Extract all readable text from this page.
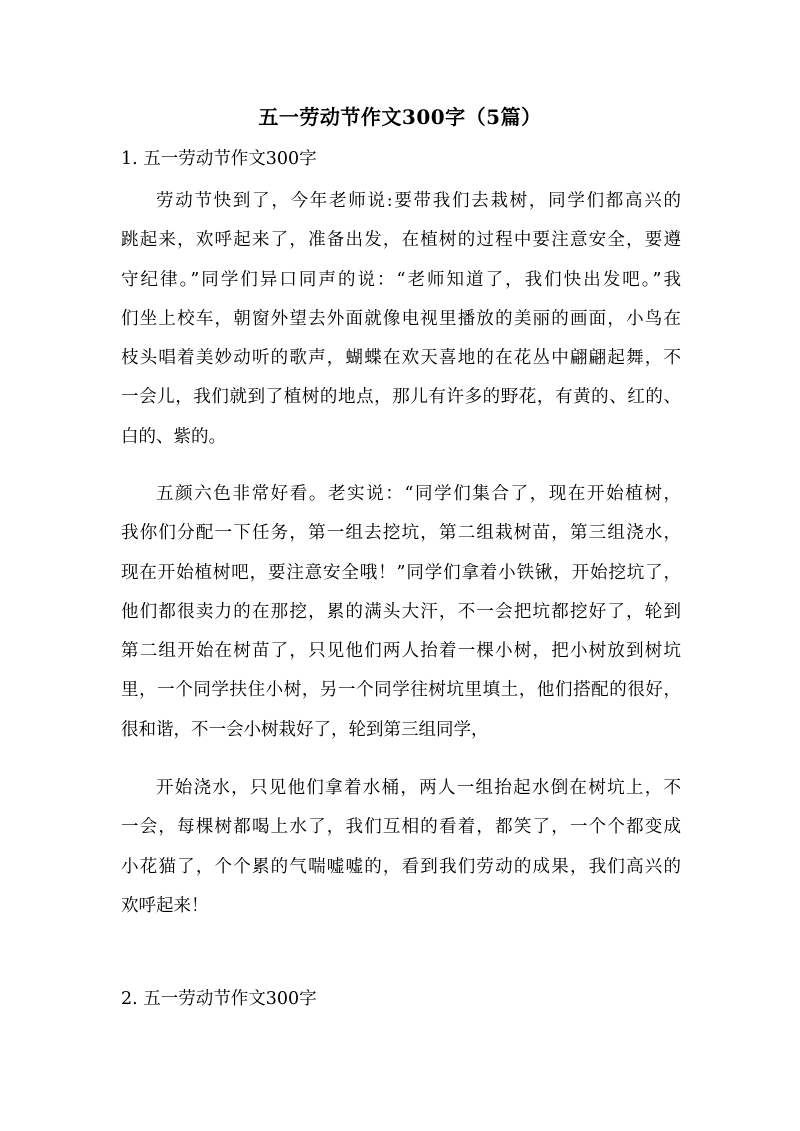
五一劳动节作文300字（5篇）
1. 五一劳动节作文300字
劳动节快到了，今年老师说:要带我们去栽树，同学们都高兴的
跳起来，欢呼起来了，准备出发，在植树的过程中要注意安全，要遵
守纪律。”同学们异口同声的说：“老师知道了，我们快出发吧。”我
们坐上校车，朝窗外望去外面就像电视里播放的美丽的画面，小鸟在
枝头唱着美妙动听的歌声，蝴蝶在欢天喜地的在花丛中翩翩起舞，不
一会儿，我们就到了植树的地点，那儿有许多的野花，有黄的、红的、
白的、紫的。
五颜六色非常好看。老实说：“同学们集合了，现在开始植树，
我你们分配一下任务，第一组去挖坑，第二组栽树苗，第三组浇水，
现在开始植树吧，要注意安全哦！”同学们拿着小铁锹，开始挖坑了，
他们都很卖力的在那挖，累的满头大汗，不一会把坑都挖好了，轮到
第二组开始在树苗了，只见他们两人抬着一棵小树，把小树放到树坑
里，一个同学扶住小树，另一个同学往树坑里填土，他们搭配的很好，
很和谐，不一会小树栽好了，轮到第三组同学，
开始浇水，只见他们拿着水桶，两人一组抬起水倒在树坑上，不
一会，每棵树都喝上水了，我们互相的看着，都笑了，一个个都变成
小花猫了，个个累的气喘嘘嘘的，看到我们劳动的成果，我们高兴的
欢呼起来！
2. 五一劳动节作文300字
